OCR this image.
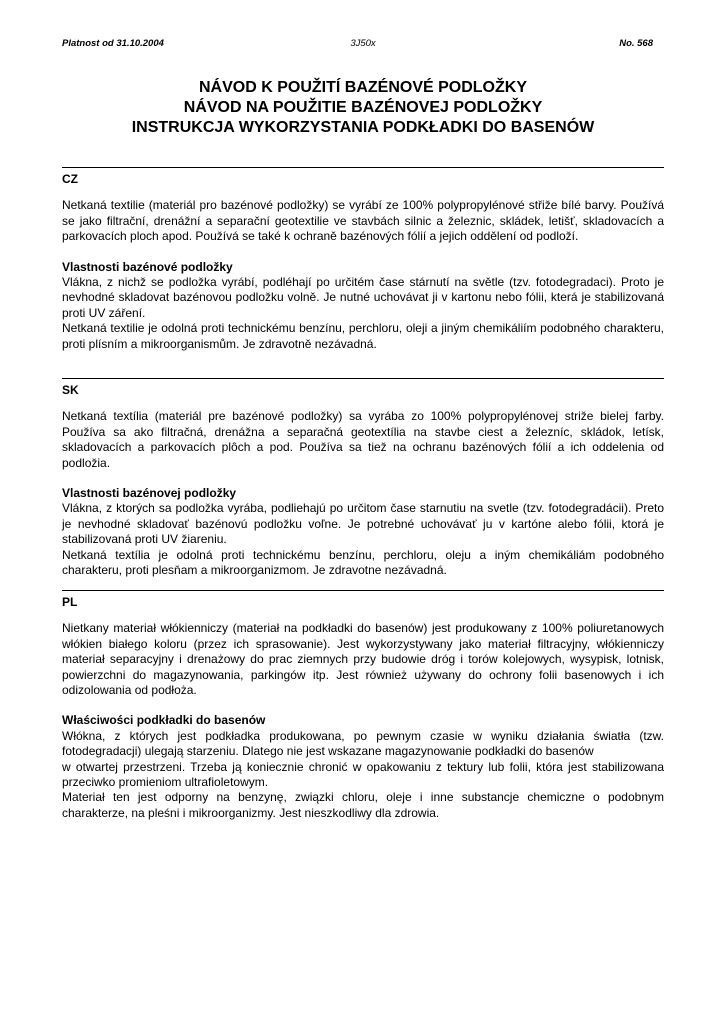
Platnost od 31.10.2004	3J50x	No. 568
NÁVOD K POUŽITÍ BAZÉNOVÉ PODLOŽKY
NÁVOD NA POUŽITIE BAZÉNOVEJ PODLOŽKY
INSTRUKCJA WYKORZYSTANIA PODKŁADKI DO BASENÓW
CZ

Netkaná textilie (materiál pro bazénové podložky) se vyrábí ze 100% polypropylénové střiže bílé barvy. Používá se jako filtrační, drenážní a separační geotextilie ve stavbách silnic a železnic, skládek, letišť, skladovacích a parkovacích ploch apod. Používá se také k ochraně bazénových fólií a jejich oddělení od podloží.

Vlastnosti bazénové podložky

Vlákna, z nichž se podložka vyrábí, podléhají po určitém čase stárnutí na světle (tzv. fotodegradaci). Proto je nevhodné skladovat bazénovou podložku volně. Je nutné uchovávat ji v kartonu nebo fólii, která je stabilizovaná proti UV záření.

Netkaná textilie je odolná proti technickému benzínu, perchloru, oleji a jiným chemikáliím podobného charakteru, proti plísním a mikroorganismům. Je zdravotně nezávadná.

SK

Netkaná textília (materiál pre bazénové podložky) sa vyrába zo 100% polypropylénovej striže bielej farby. Používa sa ako filtračná, drenážna a separačná geotextília na stavbe ciest a železníc, skládok, letísk, skladovacích a parkovacích plôch a pod. Používa sa tiež na ochranu bazénových fólií a ich oddelenia od podložia.

Vlastnosti bazénovej podložky

Vlákna, z ktorých sa podložka vyrába, podliehajú po určitom čase starnutiu na svetle (tzv. fotodegradácii). Preto je nevhodné skladovať bazénovú podložku voľne. Je potrebné uchovávať ju v kartóne alebo fólii, ktorá je stabilizovaná proti UV žiareniu.

Netkaná textília je odolná proti technickému benzínu, perchloru, oleju a iným chemikáliám podobného charakteru, proti plesňam a mikroorganizmom. Je zdravotne nezávadná.

PL

Nietkany materiał włókienniczy (materiał na podkładki do basenów) jest produkowany z 100% poliuretanowych włókien białego koloru (przez ich sprasowanie). Jest wykorzystywany jako materiał filtracyjny, włókienniczy materiał separacyjny i drenażowy do prac ziemnych przy budowie dróg i torów kolejowych, wysypisk, lotnisk, powierzchni do magazynowania, parkingów itp. Jest również używany do ochrony folii basenowych i ich odizolowania od podłoża.

Właściwości podkładki do basenów

Włókna, z których jest podkładka produkowana, po pewnym czasie w wyniku działania światła (tzw. fotodegradacji) ulegają starzeniu. Dlatego nie jest wskazane magazynowanie podkładki do basenów

w otwartej przestrzeni. Trzeba ją koniecznie chronić w opakowaniu z tektury lub folii, która jest stabilizowana przeciwko promieniom ultrafioletowym.

Materiał ten jest odporny na benzynę, związki chloru, oleje i inne substancje chemiczne o podobnym charakterze, na pleśni i mikroorganizmy. Jest nieszkodliwy dla zdrowia.
